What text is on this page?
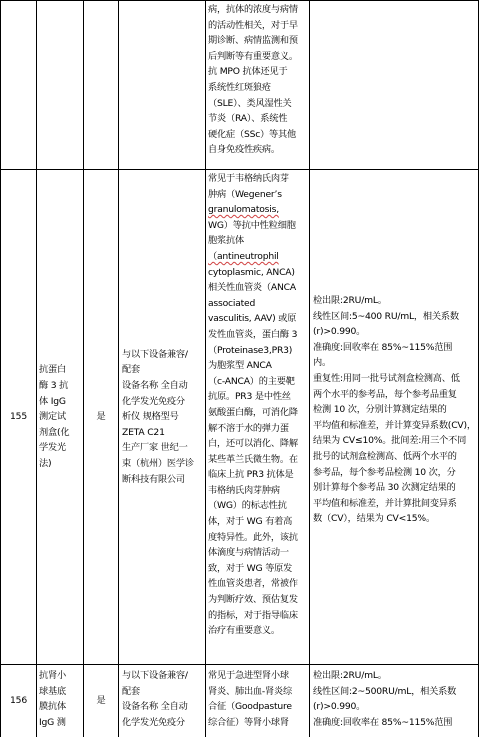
病，抗体的浓度与病情
的活动性相关，对于早
期诊断、病情监测和预
后判断等有重要意义。
抗 MPO 抗体还见于
系统性红斑狼疮
（SLE）、类风湿性关
节炎（RA）、系统性
硬化症（SSc）等其他
自身免疫性疾病。
155
抗蛋白
酶 3 抗
体 IgG
测定试
剂盒(化
学发光
法)
是
与以下设备兼容/
配套
设备名称 全自动
化学发光免疫分
析仪 规格型号
ZETA C21
生产厂家 世纪一
束（杭州）医学诊
断科技有限公司
常见于韦格纳氏肉芽
肿病（Wegener’s
granulomatosis,
WG）等抗中性粒细胞
胞浆抗体
（antineutrophil
cytoplasmic, ANCA)
相关性血管炎（ANCA
associated
vasculitis, AAV) 或原
发性血管炎，蛋白酶 3
（Proteinase3,PR3)
为胞浆型 ANCA
（c-ANCA）的主要靶
抗原。PR3 是中性丝
氨酸蛋白酶，可消化降
解不溶于水的弹力蛋
白，还可以消化、降解
某些革兰氏微生物。在
临床上抗 PR3 抗体是
韦格纳氏肉芽肿病
（WG）的标志性抗
体，对于 WG 有着高
度特异性。此外，该抗
体滴度与病情活动一
致，对于 WG 等原发
性血管炎患者，常被作
为判断疗效、预估复发
的指标，对于指导临床
治疗有重要意义。
检出限:2RU/mL。
线性区间:5~400 RU/mL，相关系数
(r)>0.990。
准确度:回收率在 85%~115%范围
内。
重复性:用同一批号试剂盒检测高、低
两个水平的参考品，每个参考品重复
检测 10 次，分别计算测定结果的
平均值和标准差，并计算变异系数(CV)，
结果为 CV≤10%。批间差:用三个不同
批号的试剂盒检测高、低两个水平的
参考品，每个参考品检测 10 次，分
别计算每个参考品 30 次测定结果的
平均值和标准差，并计算批间变异系
数（CV），结果为 CV<15%。
156
抗肾小
球基底
膜抗体
IgG 测
是
与以下设备兼容/
配套
设备名称 全自动
化学发光免疫分
常见于急进型肾小球
肾炎、肺出血-肾炎综
合征（Goodpasture
综合征）等肾小球肾
检出限:2RU/mL。
线性区间:2~500RU/mL，相关系数
(r)>0.990。
准确度:回收率在 85%~115%范围
